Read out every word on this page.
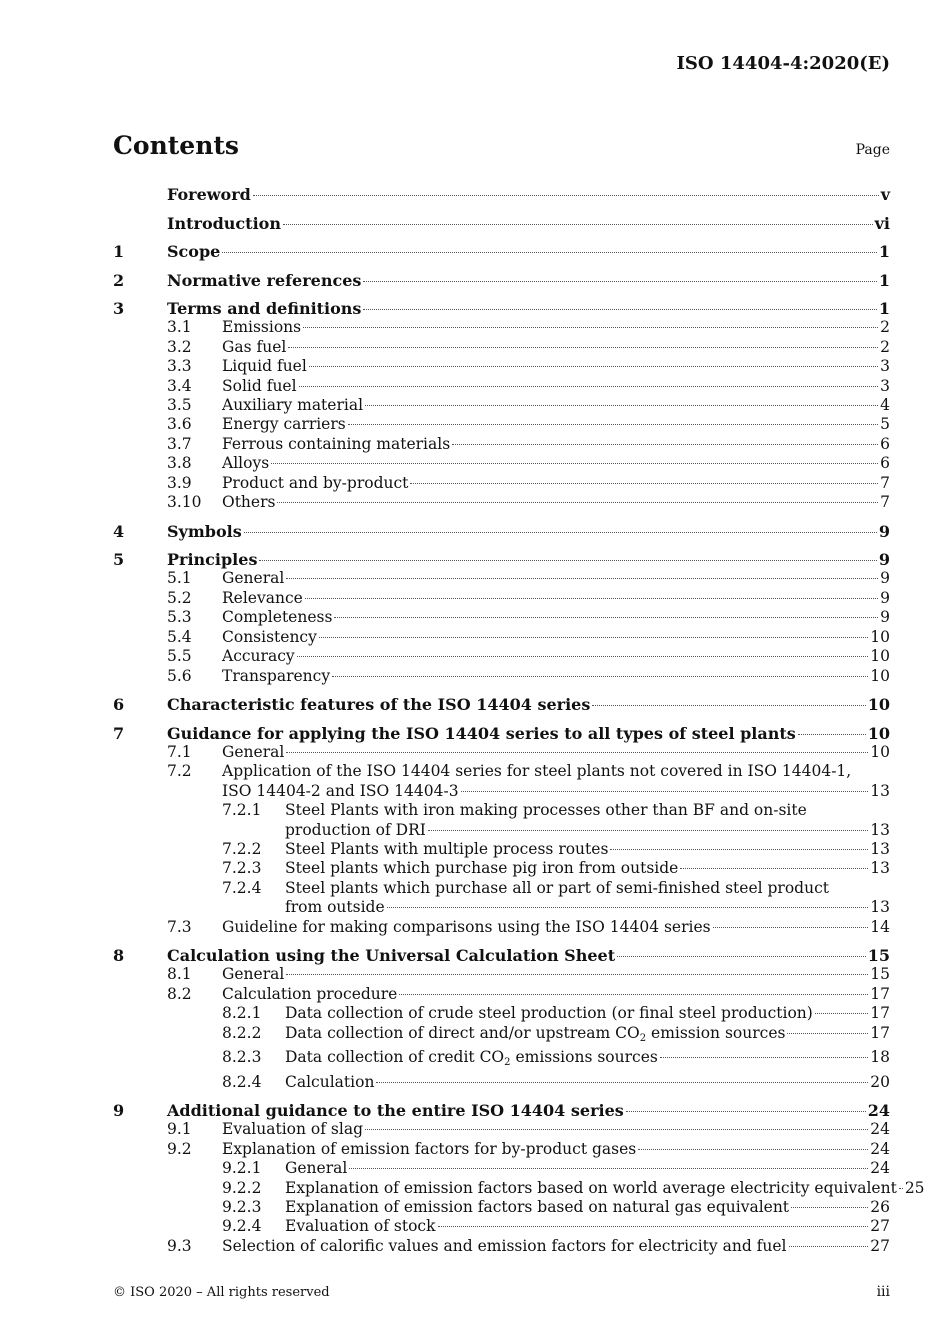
ISO 14404-4:2020(E)
Contents	Page
Foreword	v
Introduction	vi
1	Scope	1
2	Normative references	1
3	Terms and definitions	1
3.1	Emissions	2
3.2	Gas fuel	2
3.3	Liquid fuel	3
3.4	Solid fuel	3
3.5	Auxiliary material	4
3.6	Energy carriers	5
3.7	Ferrous containing materials	6
3.8	Alloys	6
3.9	Product and by-product	7
3.10	Others	7
4	Symbols	9
5	Principles	9
5.1	General	9
5.2	Relevance	9
5.3	Completeness	9
5.4	Consistency	10
5.5	Accuracy	10
5.6	Transparency	10
6	Characteristic features of the ISO 14404 series	10
7	Guidance for applying the ISO 14404 series to all types of steel plants	10
7.1	General	10
7.2	Application of the ISO 14404 series for steel plants not covered in ISO 14404-1,
ISO 14404-2 and ISO 14404-3	13
7.2.1	Steel Plants with iron making processes other than BF and on-site
production of DRI	13
7.2.2	Steel Plants with multiple process routes	13
7.2.3	Steel plants which purchase pig iron from outside	13
7.2.4	Steel plants which purchase all or part of semi-finished steel product
from outside	13
7.3	Guideline for making comparisons using the ISO 14404 series	14
8	Calculation using the Universal Calculation Sheet	15
8.1	General	15
8.2	Calculation procedure	17
8.2.1	Data collection of crude steel production (or final steel production)	17
8.2.2	Data collection of direct and/or upstream $CO_2$ emission sources	17
8.2.3	Data collection of credit $CO_2$ emissions sources	18
8.2.4	Calculation	20
9	Additional guidance to the entire ISO 14404 series	24
9.1	Evaluation of slag	24
9.2	Explanation of emission factors for by-product gases	24
9.2.1	General	24
9.2.2	Explanation of emission factors based on world average electricity equivalent 25
9.2.3	Explanation of emission factors based on natural gas equivalent	26
9.2.4	Evaluation of stock	27
9.3	Selection of calorific values and emission factors for electricity and fuel	27
© ISO 2020 – All rights reserved	iii
